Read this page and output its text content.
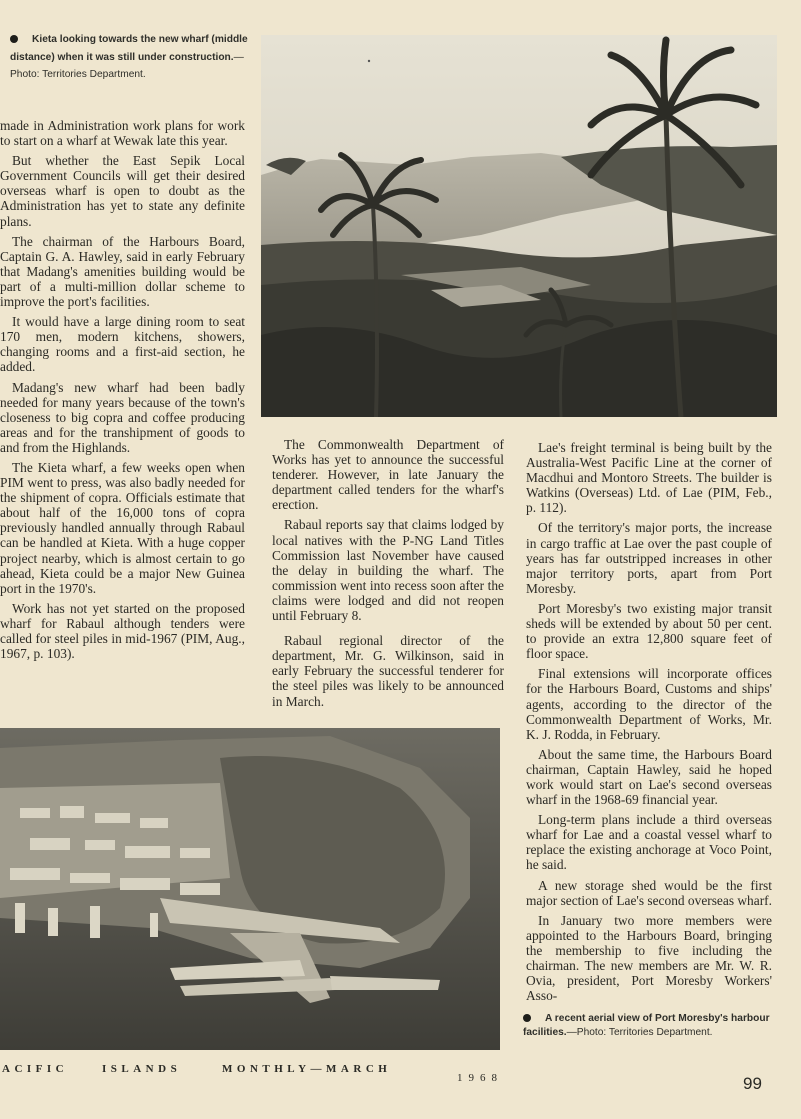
Kieta looking towards the new wharf (middle distance) when it was still under construction.—Photo: Territories Department.

made in Administration work plans for work to start on a wharf at Wewak late this year.

But whether the East Sepik Local Government Councils will get their desired overseas wharf is open to doubt as the Administration has yet to state any definite plans.

The chairman of the Harbours Board, Captain G. A. Hawley, said in early February that Madang's amenities building would be part of a multi-million dollar scheme to improve the port's facilities.

It would have a large dining room to seat 170 men, modern kitchens, showers, changing rooms and a first-aid section, he added.

Madang's new wharf had been badly needed for many years because of the town's closeness to big copra and coffee producing areas and for the transhipment of goods to and from the Highlands.

The Kieta wharf, a few weeks open when PIM went to press, was also badly needed for the shipment of copra. Officials estimate that about half of the 16,000 tons of copra previously handled annually through Rabaul can be handled at Kieta. With a huge copper project nearby, which is almost certain to go ahead, Kieta could be a major New Guinea port in the 1970's.

Work has not yet started on the proposed wharf for Rabaul although tenders were called for steel piles in mid-1967 (PIM, Aug., 1967, p. 103).

The Commonwealth Department of Works has yet to announce the successful tenderer. However, in late January the department called tenders for the wharf's erection.

Rabaul reports say that claims lodged by local natives with the P-NG Land Titles Commission last November have caused the delay in building the wharf. The commission went into recess soon after the claims were lodged and did not reopen until February 8.

Rabaul regional director of the department, Mr. G. Wilkinson, said in early February the successful tenderer for the steel piles was likely to be announced in March.

Lae's freight terminal is being built by the Australia-West Pacific Line at the corner of Macdhui and Montoro Streets. The builder is Watkins (Overseas) Ltd. of Lae (PIM, Feb., p. 112).

Of the territory's major ports, the increase in cargo traffic at Lae over the past couple of years has far outstripped increases in other major territory ports, apart from Port Moresby.

Port Moresby's two existing major transit sheds will be extended by about 50 per cent. to provide an extra 12,800 square feet of floor space.

Final extensions will incorporate offices for the Harbours Board, Customs and ships' agents, according to the director of the Commonwealth Department of Works, Mr. K. J. Rodda, in February.

About the same time, the Harbours Board chairman, Captain Hawley, said he hoped work would start on Lae's second overseas wharf in the 1968-69 financial year.

Long-term plans include a third overseas wharf for Lae and a coastal vessel wharf to replace the existing anchorage at Voco Point, he said.

A new storage shed would be the first major section of Lae's second overseas wharf.

In January two more members were appointed to the Harbours Board, bringing the membership to five including the chairman. The new members are Mr. W. R. Ovia, president, Port Moresby Workers' Asso-

A recent aerial view of Port Moresby's harbour facilities.—Photo: Territories Department.
ACIFIC	ISLANDS	MONTHLY—MARCH
1968	99
